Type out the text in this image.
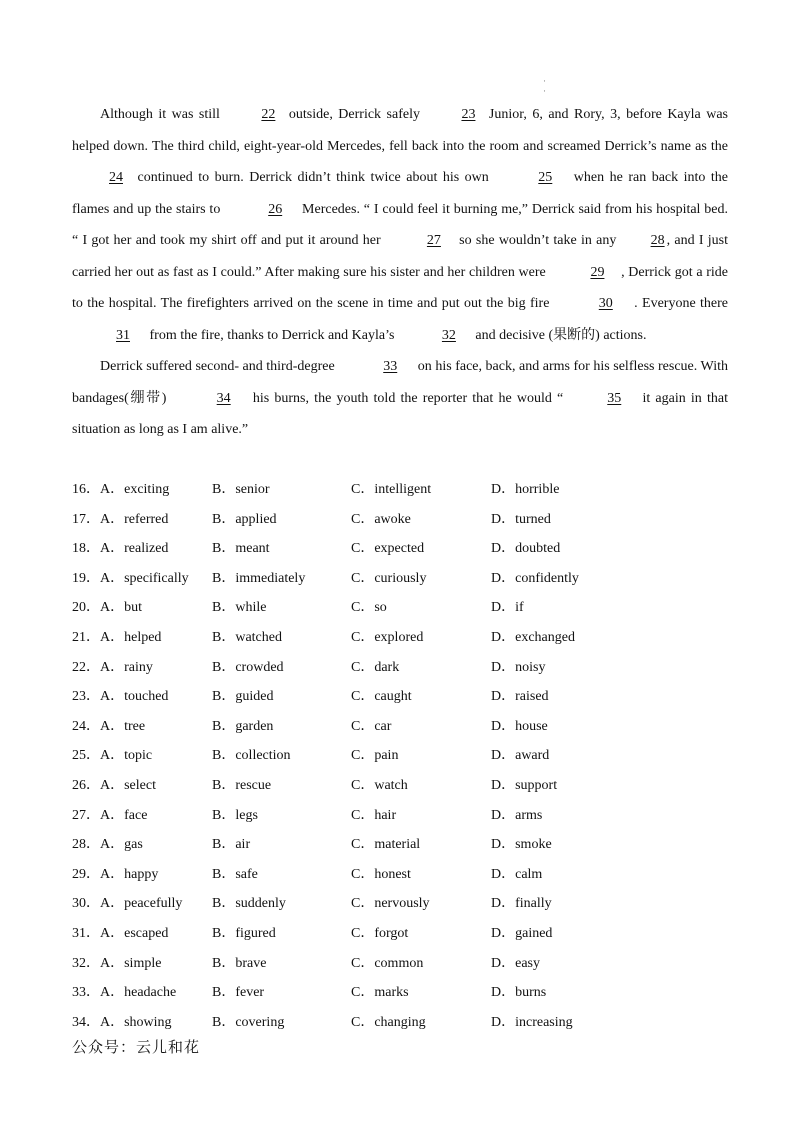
·
·

Although it was still	22 outside, Derrick safely	23 Junior, 6, and Rory, 3, before Kayla was helped down. The third child, eight-year-old Mercedes, fell back into the room and screamed Derrick’s name as the 24 continued to burn. Derrick didn’t think twice about his own	25 when he ran back into the flames and up the stairs to	26 Mercedes. “ I could feel it burning me,” Derrick said from his hospital bed. “ I got her and took my shirt off and put it around her	27 so she wouldn’t take in any 28 , and I just carried her out as fast as I could.” After making sure his sister and her children were	29 , Derrick got a ride to the hospital. The firefighters arrived on the scene in time and put out the big fire	30 . Everyone there 31 from the fire, thanks to Derrick and Kayla’s	32 and decisive (果断的) actions.

Derrick suffered second- and third-degree	33 on his face, back, and arms for his selfless rescue. With bandages(绷带)	34 his burns, the youth told the reporter that he would “	35 it again in that situation as long as I am alive.”

16．A．exciting	B．senior	C．intelligent	D．horrible
17．A．referred	B．applied	C．awoke	D．turned
18．A．realized	B．meant	C．expected	D．doubted
19．A．specifically B．immediately	C．curiously	D．confidently
20．A．but	B．while	C．so	D．if
21．A．helped	B．watched	C．explored	D．exchanged
22．A．rainy	B．crowded	C．dark	D．noisy
23．A．touched	B．guided	C．caught	D．raised
24．A．tree	B．garden	C．car	D．house
25．A．topic	B．collection	C．pain	D．award
26．A．select	B．rescue	C．watch	D．support
27．A．face	B．legs	C．hair	D．arms
28．A．gas	B．air	C．material	D．smoke
29．A．happy	B．safe	C．honest	D．calm
30．A．peacefully B．suddenly	C．nervously	D．finally
31．A．escaped	B．figured	C．forgot	D．gained
32．A．simple	B．brave	C．common	D．easy
33．A．headache	B．fever	C．marks	D．burns
34．A．showing	B．covering	C．changing	D．increasing
公众号：云儿和花
